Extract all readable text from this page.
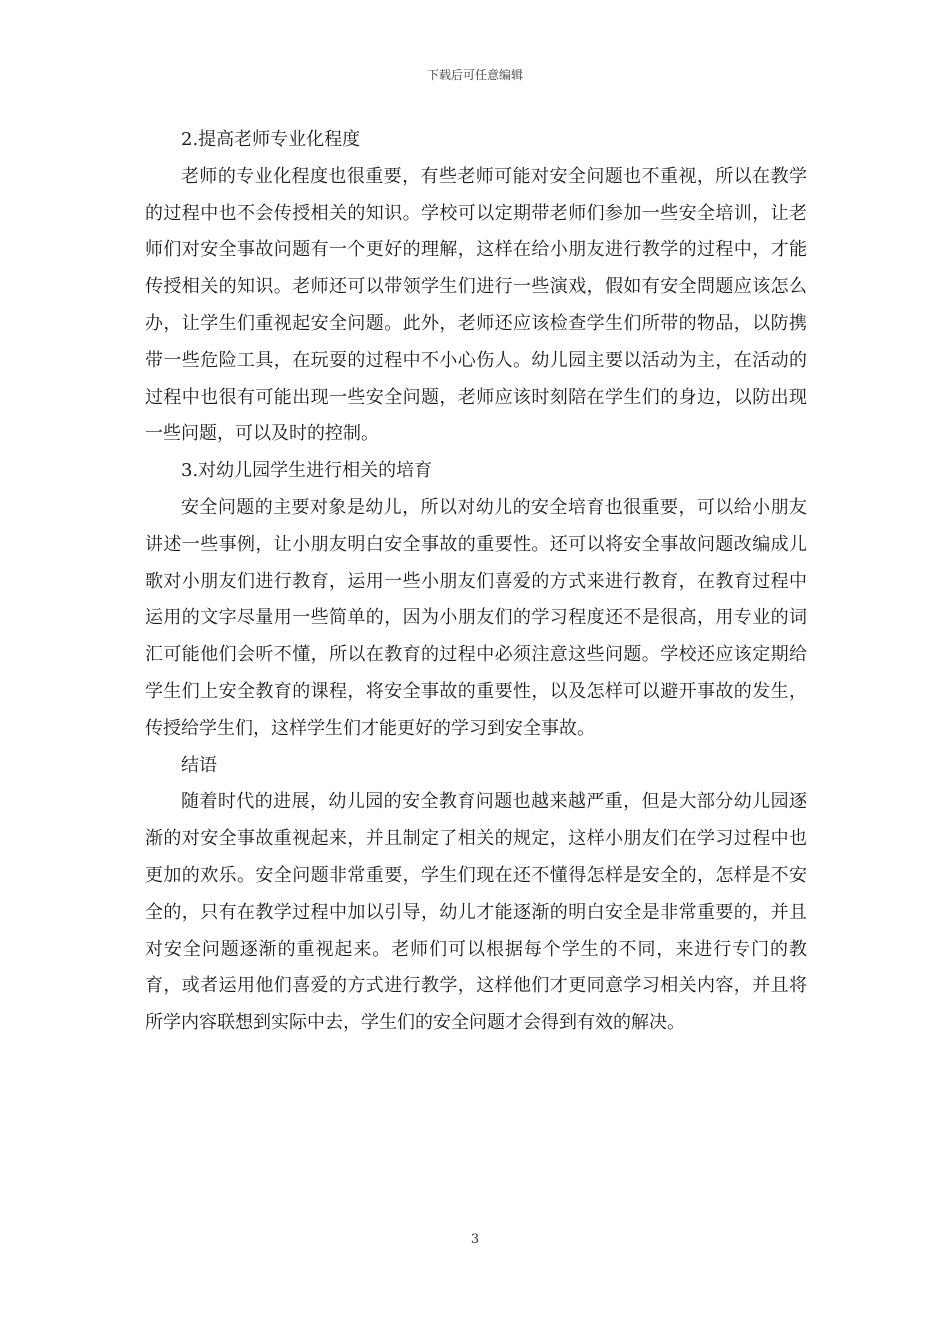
下载后可任意编辑

2.提高老师专业化程度

老师的专业化程度也很重要，有些老师可能对安全问题也不重视，所以在教学的过程中也不会传授相关的知识。学校可以定期带老师们参加一些安全培训，让老师们对安全事故问题有一个更好的理解，这样在给小朋友进行教学的过程中，才能传授相关的知识。老师还可以带领学生们进行一些演戏，假如有安全問题应该怎么办，让学生们重视起安全问题。此外，老师还应该检查学生们所带的物品，以防携带一些危险工具，在玩耍的过程中不小心伤人。幼儿园主要以活动为主，在活动的过程中也很有可能出现一些安全问题，老师应该时刻陪在学生们的身边，以防出现一些问题，可以及时的控制。

3.对幼儿园学生进行相关的培育

安全问题的主要对象是幼儿，所以对幼儿的安全培育也很重要，可以给小朋友讲述一些事例，让小朋友明白安全事故的重要性。还可以将安全事故问题改编成儿歌对小朋友们进行教育，运用一些小朋友们喜爱的方式来进行教育，在教育过程中运用的文字尽量用一些简单的，因为小朋友们的学习程度还不是很高，用专业的词汇可能他们会听不懂，所以在教育的过程中必须注意这些问题。学校还应该定期给学生们上安全教育的课程，将安全事故的重要性，以及怎样可以避开事故的发生，传授给学生们，这样学生们才能更好的学习到安全事故。

结语

随着时代的进展，幼儿园的安全教育问题也越来越严重，但是大部分幼儿园逐渐的对安全事故重视起来，并且制定了相关的规定，这样小朋友们在学习过程中也更加的欢乐。安全问题非常重要，学生们现在还不懂得怎样是安全的，怎样是不安全的，只有在教学过程中加以引导，幼儿才能逐渐的明白安全是非常重要的，并且对安全问题逐渐的重视起来。老师们可以根据每个学生的不同，来进行专门的教育，或者运用他们喜爱的方式进行教学，这样他们才更同意学习相关内容，并且将所学内容联想到实际中去，学生们的安全问题才会得到有效的解决。

3
